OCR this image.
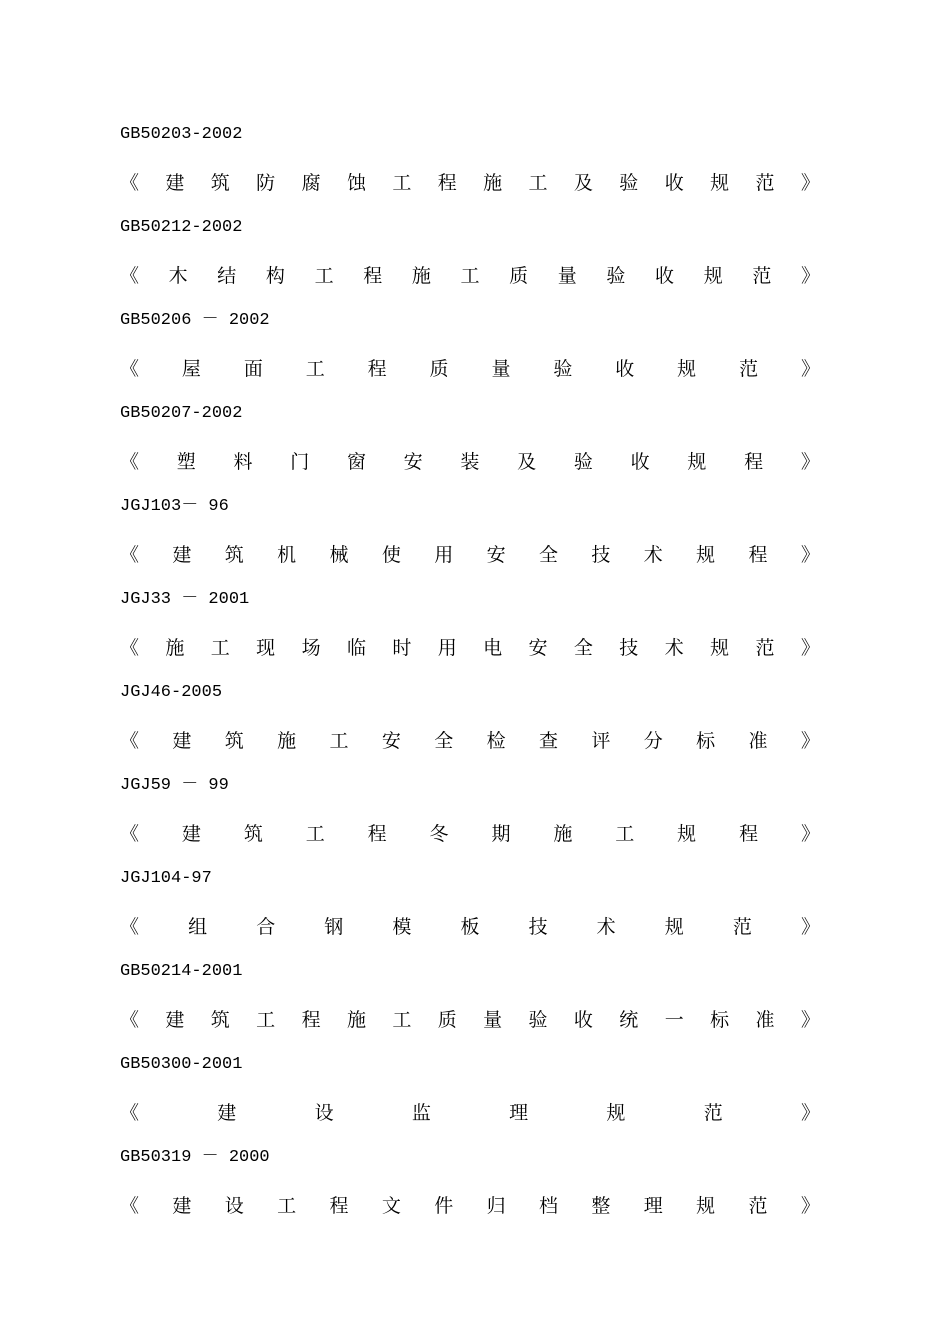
GB50203-2002
《 建 筑 防 腐 蚀 工 程 施 工 及 验 收 规 范 》
GB50212-2002
《 木 结 构 工 程 施 工 质 量 验 收 规 范 》
GB50206 － 2002
《 屋 面 工 程 质 量 验 收 规 范 》
GB50207-2002
《 塑 料 门 窗 安 装 及 验 收 规 程 》
JGJ103－ 96
《 建 筑 机 械 使 用 安 全 技 术 规 程 》
JGJ33 － 2001
《 施 工 现 场 临 时 用 电 安 全 技 术 规 范 》
JGJ46-2005
《 建 筑 施 工 安 全 检 查 评 分 标 准 》
JGJ59 － 99
《 建 筑 工 程 冬 期 施 工 规 程 》
JGJ104-97
《	组	合	钢	模	板	技	术	规	范	》
GB50214-2001
《 建 筑 工 程 施 工 质 量 验 收 统 一 标 准 》
GB50300-2001
《	建	设	监	理	规	范	》
GB50319 － 2000
《 建 设 工 程 文 件 归 档 整 理 规 范 》
